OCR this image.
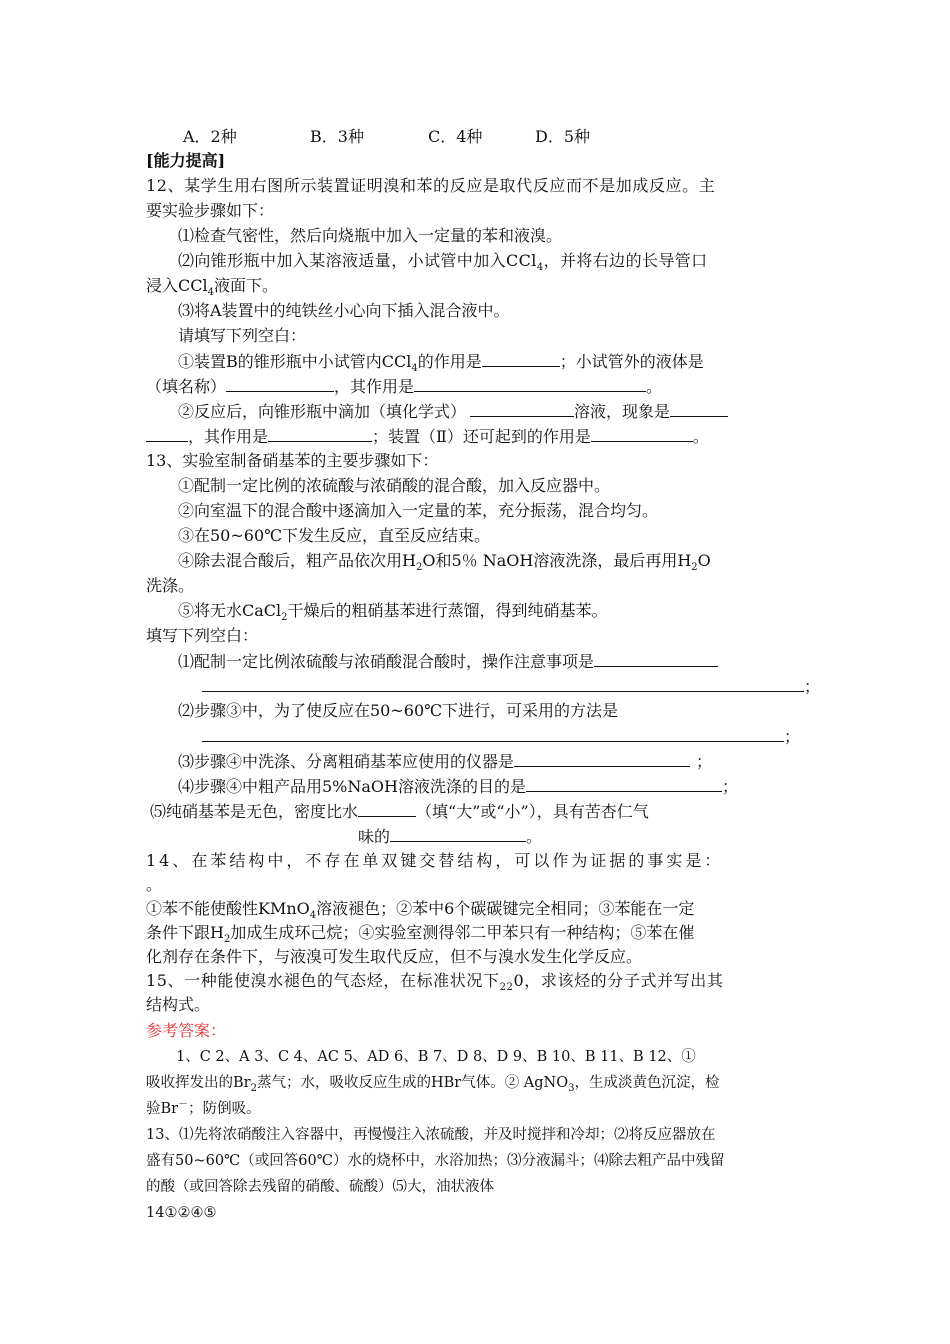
A．2种	B．3种	C．4种	D．5种
[能力提高]
12、某学生用右图所示装置证明溴和苯的反应是取代反应而不是加成反应。主
要实验步骤如下：
⑴检查气密性，然后向烧瓶中加入一定量的苯和液溴。
⑵向锥形瓶中加入某溶液适量，小试管中加入CCl$_4$，并将右边的长导管口
浸入CCl$_4$液面下。
⑶将A装置中的纯铁丝小心向下插入混合液中。
请填写下列空白：
①装置B的锥形瓶中小试管内CCl$_4$的作用是	；小试管外的液体是
（填名称）	，其作用是	。
②反应后，向锥形瓶中滴加（填化学式）	溶液，现象是
，其作用是	；装置（Ⅱ）还可起到的作用是	。
13、实验室制备硝基苯的主要步骤如下：
①配制一定比例的浓硫酸与浓硝酸的混合酸，加入反应器中。
②向室温下的混合酸中逐滴加入一定量的苯，充分振荡，混合均匀。
③在50~60℃下发生反应，直至反应结束。
④除去混合酸后，粗产品依次用$H_2O$和5％ NaOH溶液洗涤，最后再用$H_2O$
洗涤。
⑤将无水CaCl$_2$干燥后的粗硝基苯进行蒸馏，得到纯硝基苯。
填写下列空白：
⑴配制一定比例浓硫酸与浓硝酸混合酸时，操作注意事项是
；
⑵步骤③中，为了使反应在50~60℃下进行，可采用的方法是
；
⑶步骤④中洗涤、分离粗硝基苯应使用的仪器是	；
⑷步骤④中粗产品用5%NaOH溶液洗涤的目的是	；
⑸纯硝基苯是无色，密度比水	（填“大”或“小”），具有苦杏仁气
味的	。
14、在苯结构中，不存在单双键交替结构，可以作为证据的事实是：
。
①苯不能使酸性KMnO$_4$溶液褪色；②苯中6个碳碳键完全相同；③苯能在一定
条件下跟$H_2$加成生成环己烷；④实验室测得邻二甲苯只有一种结构；⑤苯在催
化剂存在条件下，与液溴可发生取代反应，但不与溴水发生化学反应。
15、一种能使溴水褪色的气态烃，在标准状况下$_{22}$0，求该烃的分子式并写出其
结构式。
参考答案：
1、C 2、A 3、C 4、AC 5、AD 6、B 7、D 8、D 9、B 10、B 11、B 12、①
吸收挥发出的$Br_2$蒸气；水，吸收反应生成的HBr气体。② AgNO$_3$，生成淡黄色沉淀，检
验Br－；防倒吸。
13、⑴先将浓硝酸注入容器中，再慢慢注入浓硫酸，并及时搅拌和冷却；⑵将反应器放在
盛有50~60℃（或回答60℃）水的烧杯中，水浴加热；⑶分液漏斗；⑷除去粗产品中残留
的酸（或回答除去残留的硝酸、硫酸）⑸大，油状液体
14①②④⑤
